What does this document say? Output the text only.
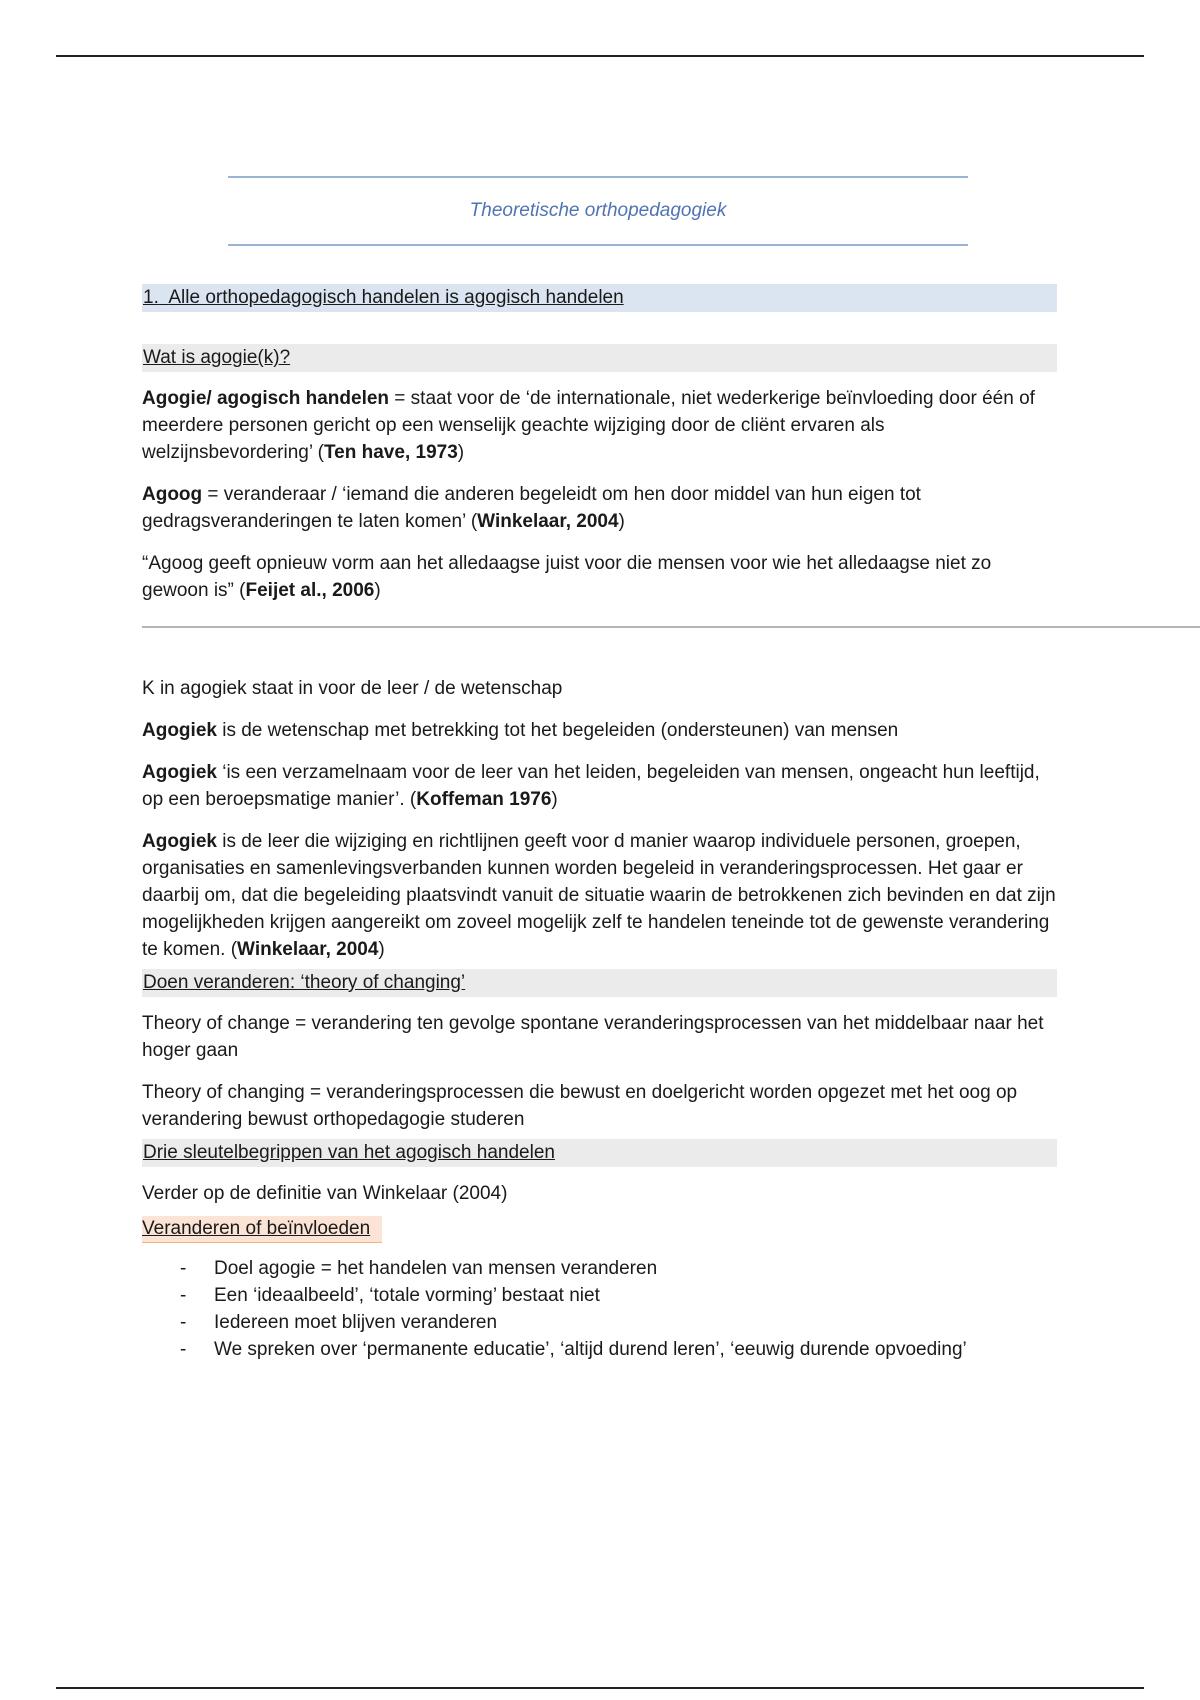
Theoretische orthopedagogiek
1. Alle orthopedagogisch handelen is agogisch handelen
Wat is agogie(k)?

Agogie/ agogisch handelen = staat voor de ‘de internationale, niet wederkerige beïnvloeding door één of meerdere personen gericht op een wenselijk geachte wijziging door de cliënt ervaren als welzijnsbevordering’ (Ten have, 1973)

Agoog = veranderaar / ‘iemand die anderen begeleidt om hen door middel van hun eigen tot gedragsveranderingen te laten komen’ (Winkelaar, 2004)

“Agoog geeft opnieuw vorm aan het alledaagse juist voor die mensen voor wie het alledaagse niet zo gewoon is” (Feijet al., 2006)

K in agogiek staat in voor de leer / de wetenschap

Agogiek is de wetenschap met betrekking tot het begeleiden (ondersteunen) van mensen

Agogiek ‘is een verzamelnaam voor de leer van het leiden, begeleiden van mensen, ongeacht hun leeftijd, op een beroepsmatige manier’. (Koffeman 1976)

Agogiek is de leer die wijziging en richtlijnen geeft voor d manier waarop individuele personen, groepen, organisaties en samenlevingsverbanden kunnen worden begeleid in veranderingsprocessen. Het gaar er daarbij om, dat die begeleiding plaatsvindt vanuit de situatie waarin de betrokkenen zich bevinden en dat zijn mogelijkheden krijgen aangereikt om zoveel mogelijk zelf te handelen teneinde tot de gewenste verandering te komen. (Winkelaar, 2004)

Doen veranderen: ‘theory of changing’

Theory of change = verandering ten gevolge spontane veranderingsprocessen van het middelbaar naar het hoger gaan

Theory of changing = veranderingsprocessen die bewust en doelgericht worden opgezet met het oog op verandering bewust orthopedagogie studeren

Drie sleutelbegrippen van het agogisch handelen

Verder op de definitie van Winkelaar (2004)

Veranderen of beïnvloeden
- Doel agogie = het handelen van mensen veranderen
- Een ‘ideaalbeeld’, ‘totale vorming’ bestaat niet
- Iedereen moet blijven veranderen
- We spreken over ‘permanente educatie’, ‘altijd durend leren’, ‘eeuwig durende opvoeding’
